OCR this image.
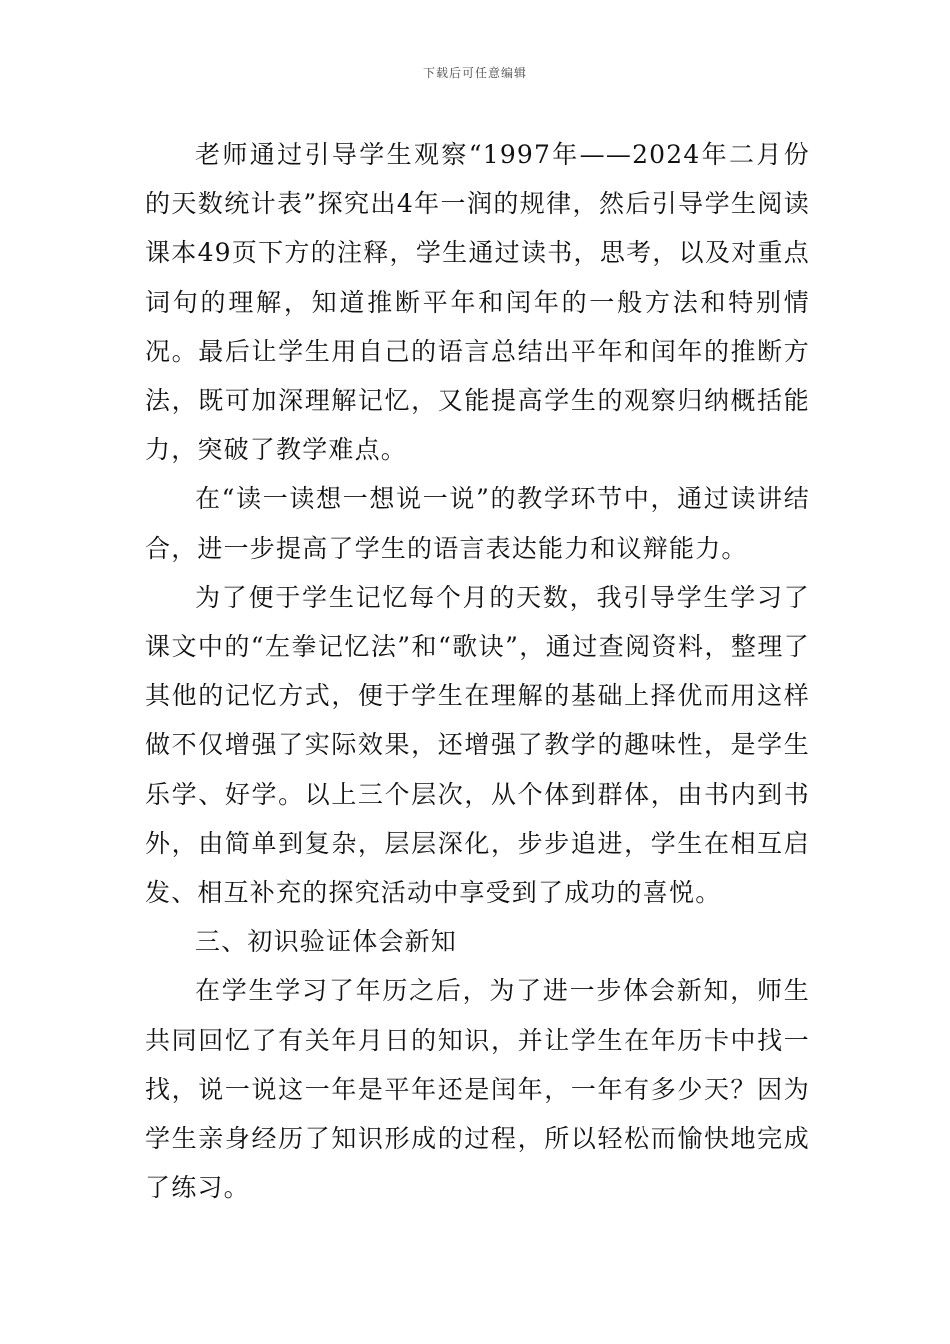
下载后可任意编辑

老师通过引导学生观察“1997年——2024年二月份的天数统计表”探究出4年一润的规律，然后引导学生阅读课本49页下方的注释，学生通过读书，思考，以及对重点词句的理解，知道推断平年和闰年的一般方法和特别情况。最后让学生用自己的语言总结出平年和闰年的推断方法，既可加深理解记忆，又能提高学生的观察归纳概括能力，突破了教学难点。

在“读一读想一想说一说”的教学环节中，通过读讲结合，进一步提高了学生的语言表达能力和议辩能力。

为了便于学生记忆每个月的天数，我引导学生学习了课文中的“左拳记忆法”和“歌诀”，通过查阅资料，整理了其他的记忆方式，便于学生在理解的基础上择优而用这样做不仅增强了实际效果，还增强了教学的趣味性，是学生乐学、好学。以上三个层次，从个体到群体，由书内到书外，由简单到复杂，层层深化，步步追进，学生在相互启发、相互补充的探究活动中享受到了成功的喜悦。

三、初识验证体会新知

在学生学习了年历之后，为了进一步体会新知，师生共同回忆了有关年月日的知识，并让学生在年历卡中找一找，说一说这一年是平年还是闰年，一年有多少天？因为学生亲身经历了知识形成的过程，所以轻松而愉快地完成了练习。
